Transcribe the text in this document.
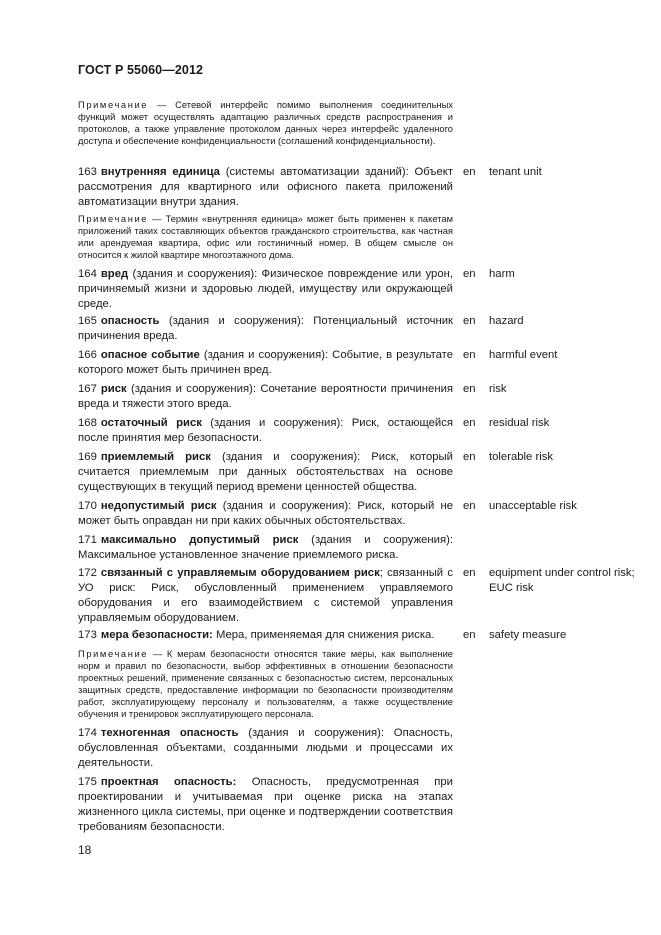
ГОСТ Р 55060—2012
Примечание — Сетевой интерфейс помимо выполнения соединительных функций может осуществлять адаптацию различных средств распространения и протоколов, а также управление протоколом данных через интерфейс удаленного доступа и обеспечение конфиденциальности (соглашений конфиденциальности).
163 внутренняя единица (системы автоматизации зданий): Объект рассмотрения для квартирного или офисного пакета приложений автоматизации внутри здания.
en tenant unit
Примечание — Термин «внутренняя единица» может быть применен к пакетам приложений таких составляющих объектов гражданского строительства, как частная или арендуемая квартира, офис или гостиничный номер. В общем смысле он относится к жилой квартире многоэтажного дома.
164 вред (здания и сооружения): Физическое повреждение или урон, причиняемый жизни и здоровью людей, имуществу или окружающей среде.
en harm
165 опасность (здания и сооружения): Потенциальный источник причинения вреда.
en hazard
166 опасное событие (здания и сооружения): Событие, в результате которого может быть причинен вред.
en harmful event
167 риск (здания и сооружения): Сочетание вероятности причинения вреда и тяжести этого вреда.
en risk
168 остаточный риск (здания и сооружения): Риск, остающейся после принятия мер безопасности.
en residual risk
169 приемлемый риск (здания и сооружения): Риск, который считается приемлемым при данных обстоятельствах на основе существующих в текущий период времени ценностей общества.
en tolerable risk
170 недопустимый риск (здания и сооружения): Риск, который не может быть оправдан ни при каких обычных обстоятельствах.
en unacceptable risk
171 максимально допустимый риск (здания и сооружения): Максимальное установленное значение приемлемого риска.
172 связанный с управляемым оборудованием риск; связанный с УО риск: Риск, обусловленный применением управляемого оборудования и его взаимодействием с системой управления управляемым оборудованием.
en equipment under control risk; EUC risk
173 мера безопасности: Мера, применяемая для снижения риска.	en safety measure
Примечание — К мерам безопасности относятся такие меры, как выполнение норм и правил по безопасности, выбор эффективных в отношении безопасности проектных решений, применение связанных с безопасностью систем, персональных защитных средств, предоставление информации по безопасности производителям работ, эксплуатирующему персоналу и пользователям, а также осуществление обучения и тренировок эксплуатирующего персонала.
174 техногенная опасность (здания и сооружения): Опасность, обусловленная объектами, созданными людьми и процессами их деятельности.
175 проектная опасность: Опасность, предусмотренная при проектировании и учитываемая при оценке риска на этапах жизненного цикла системы, при оценке и подтверждении соответствия требованиям безопасности.
18
